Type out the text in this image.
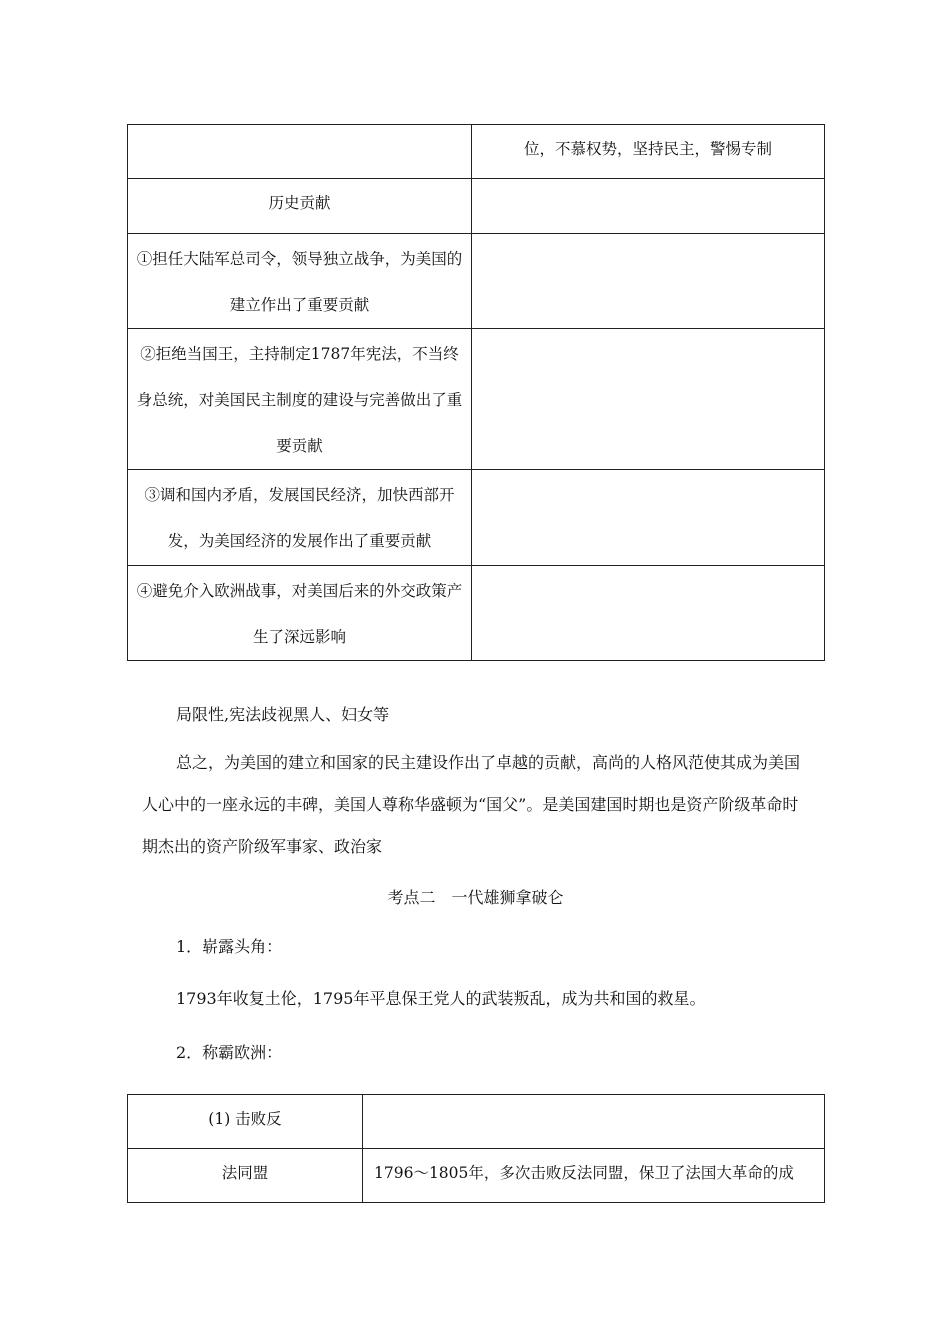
	位，不慕权势，坚持民主，警惕专制
历史贡献	
①担任大陆军总司令，领导独立战争，为美国的建立作出了重要贡献	
②拒绝当国王，主持制定1787年宪法，不当终身总统，对美国民主制度的建设与完善做出了重要贡献	
③调和国内矛盾，发展国民经济，加快西部开发，为美国经济的发展作出了重要贡献	
④避免介入欧洲战事，对美国后来的外交政策产生了深远影响	
局限性,宪法歧视黑人、妇女等
总之，为美国的建立和国家的民主建设作出了卓越的贡献，高尚的人格风范使其成为美国人心中的一座永远的丰碑，美国人尊称华盛顿为“国父”。是美国建国时期也是资产阶级革命时期杰出的资产阶级军事家、政治家
考点二　一代雄狮拿破仑
1．崭露头角：
1793年收复土伦，1795年平息保王党人的武装叛乱，成为共和国的救星。
2．称霸欧洲：
(1) 击败反	
法同盟	1796～1805年，多次击败反法同盟，保卫了法国大革命的成
